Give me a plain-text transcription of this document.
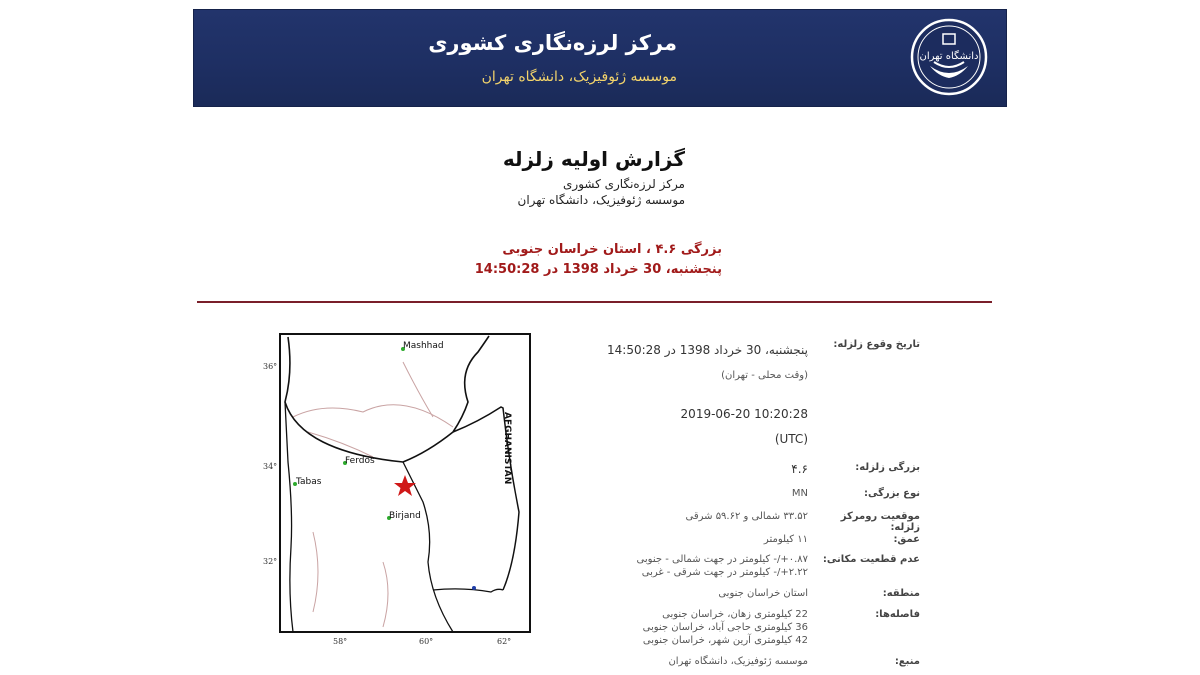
مرکز لرزه‌نگاری کشوری
موسسه ژئوفیزیک، دانشگاه تهران
دانشگاه تهران
گزارش اولیه زلزله
مرکز لرزه‌نگاری کشوری
موسسه ژئوفیزیک، دانشگاه تهران
بزرگی ۴.۶ ، استان خراسان جنوبی
پنجشنبه، 30 خرداد 1398 در 14:50:28
AFGHANISTAN
36°
34°
32°
58°	60°	62°
Mashhad
Ferdos
Tabas
Birjand
تاریخ وقوع زلزله:
پنجشنبه، 30 خرداد 1398 در 14:50:28
(وقت محلی - تهران)
2019-06-20 10:20:28
(UTC)
بزرگی زلزله:
۴.۶
نوع بزرگی:
MN
موقعیت رومرکز زلزله:
۳۳.۵۲ شمالی و ۵۹.۶۲ شرقی
عمق:
۱۱ کیلومتر
عدم قطعیت مکانی:
۰.۸۷+/- کیلومتر در جهت شمالی - جنوبی
۲.۲۲+/- کیلومتر در جهت شرقی - غربی
منطقه:
استان خراسان جنوبی
فاصله‌ها:
22 کیلومتری زهان، خراسان جنوبی
36 کیلومتری حاجی آباد، خراسان جنوبی
42 کیلومتری آرین شهر، خراسان جنوبی
منبع:
موسسه ژئوفیزیک، دانشگاه تهران
